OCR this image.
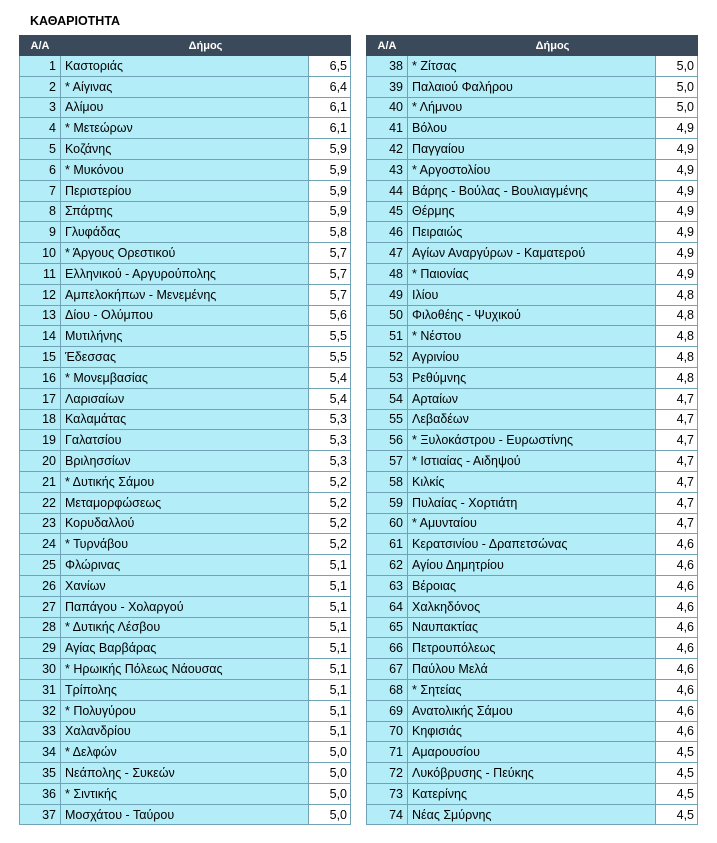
ΚΑΘΑΡΙΟΤΗΤΑ
Α/Α	Δήμος	
1	Καστοριάς	6,5
2	* Αίγινας	6,4
3	Αλίμου	6,1
4	* Μετεώρων	6,1
5	Κοζάνης	5,9
6	* Μυκόνου	5,9
7	Περιστερίου	5,9
8	Σπάρτης	5,9
9	Γλυφάδας	5,8
10	* Άργους Ορεστικού	5,7
11	Ελληνικού - Αργυρούπολης	5,7
12	Αμπελοκήπων - Μενεμένης	5,7
13	Δίου - Ολύμπου	5,6
14	Μυτιλήνης	5,5
15	Έδεσσας	5,5
16	* Μονεμβασίας	5,4
17	Λαρισαίων	5,4
18	Καλαμάτας	5,3
19	Γαλατσίου	5,3
20	Βριλησσίων	5,3
21	* Δυτικής Σάμου	5,2
22	Μεταμορφώσεως	5,2
23	Κορυδαλλού	5,2
24	* Τυρνάβου	5,2
25	Φλώρινας	5,1
26	Χανίων	5,1
27	Παπάγου - Χολαργού	5,1
28	* Δυτικής Λέσβου	5,1
29	Αγίας Βαρβάρας	5,1
30	* Ηρωικής Πόλεως Νάουσας	5,1
31	Τρίπολης	5,1
32	* Πολυγύρου	5,1
33	Χαλανδρίου	5,1
34	* Δελφών	5,0
35	Νεάπολης - Συκεών	5,0
36	* Σιντικής	5,0
37	Μοσχάτου - Ταύρου	5,0
Α/Α	Δήμος	
38	* Ζίτσας	5,0
39	Παλαιού Φαλήρου	5,0
40	* Λήμνου	5,0
41	Βόλου	4,9
42	Παγγαίου	4,9
43	* Αργοστολίου	4,9
44	Βάρης - Βούλας - Βουλιαγμένης	4,9
45	Θέρμης	4,9
46	Πειραιώς	4,9
47	Αγίων Αναργύρων - Καματερού	4,9
48	* Παιονίας	4,9
49	Ιλίου	4,8
50	Φιλοθέης - Ψυχικού	4,8
51	* Νέστου	4,8
52	Αγρινίου	4,8
53	Ρεθύμνης	4,8
54	Αρταίων	4,7
55	Λεβαδέων	4,7
56	* Ξυλοκάστρου - Ευρωστίνης	4,7
57	* Ιστιαίας - Αιδηψού	4,7
58	Κιλκίς	4,7
59	Πυλαίας - Χορτιάτη	4,7
60	* Αμυνταίου	4,7
61	Κερατσινίου - Δραπετσώνας	4,6
62	Αγίου Δημητρίου	4,6
63	Βέροιας	4,6
64	Χαλκηδόνος	4,6
65	Ναυπακτίας	4,6
66	Πετρουπόλεως	4,6
67	Παύλου Μελά	4,6
68	* Σητείας	4,6
69	Ανατολικής Σάμου	4,6
70	Κηφισιάς	4,6
71	Αμαρουσίου	4,5
72	Λυκόβρυσης - Πεύκης	4,5
73	Κατερίνης	4,5
74	Νέας Σμύρνης	4,5
